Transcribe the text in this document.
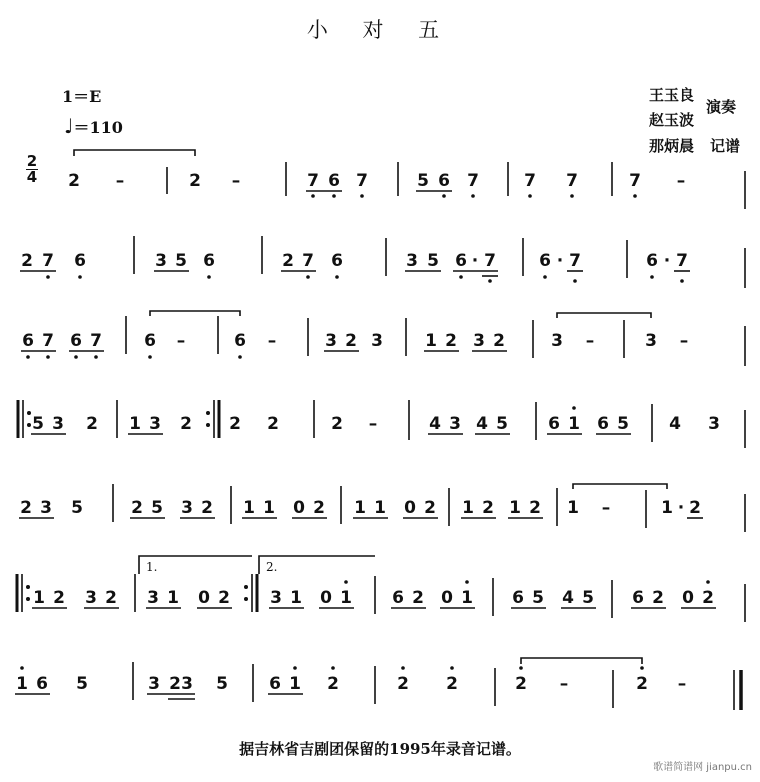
小 对 五
1＝E
♩＝110
王玉良
赵玉波
演奏
那炳晨 记谱
2
4 2 –	2 –	7 6 7	5 6 7	7 7	7 –
2 7 6	3 5 6	2 7 6	3 5 6 · 7	6 · 7	6 · 7
6 7 6 7 6 –	6 –	3 2 3 1 2 3 2	3 –	3 –
5 3 2 1 3 2 2 2	2 –	4 3 4 5 6 1 6 5 4 3
2 3 5	2 5 3 2 1 1 0 2 1 1 0 2 1 2 1 2 1 –	1 · 2
1 2 3 2 3 1 0 2 3 1 0 1 6 2 0 1 6 5 4 5 6 2 0 2
1 6 5	3 2 3 5 6 1 2	2 2	2 –	2 –
1.	2.
据吉林省吉剧团保留的1995年录音记谱。
歌谱简谱网 jianpu.cn
